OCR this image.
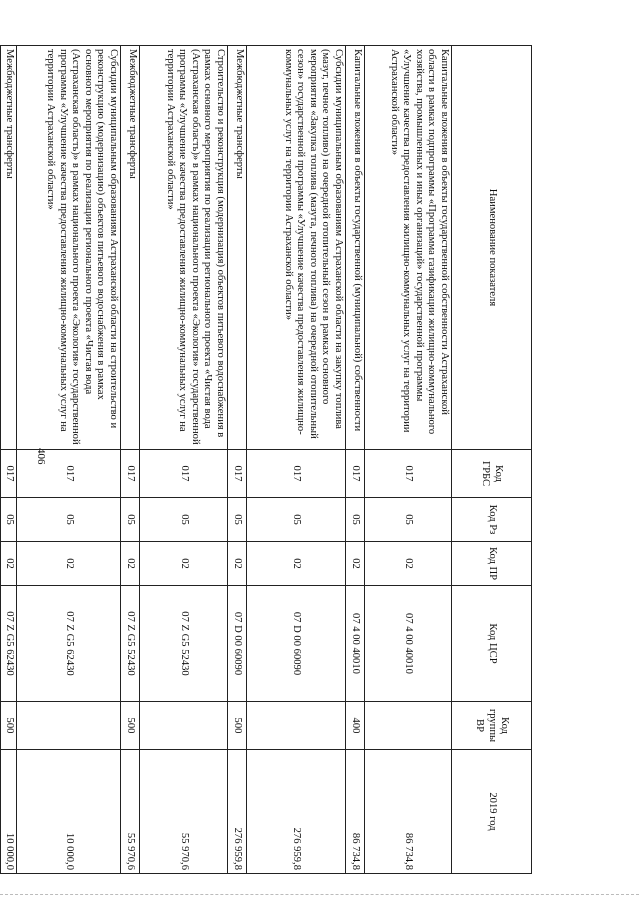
406
Наименование показателя	Код ГРБС	Код Рз	Код ПР	Код ЦСР	Код группы ВР	2019 год
Капитальные вложения в объекты государственной собственности Астраханской области в рамках подпрограммы «Программа газификации жилищно-коммунального хозяйства, промышленных и иных организаций» государственной программы «Улучшение качества предоставления жилищно-коммунальных услуг на территории Астраханской области»	017	05	02	07 4 00 40010		86 734,8
Капитальные вложения в объекты государственной (муниципальной) собственности	017	05	02	07 4 00 40010	400	86 734,8
Субсидии муниципальным образованиям Астраханской области на закупку топлива (мазут, печное топливо) на очередной отопительный сезон в рамках основного мероприятия «Закупка топлива (мазута, печного топлива) на очередной отопительный сезон» государственной программы «Улучшение качества предоставления жилищно-коммунальных услуг на территории Астраханской области»	017	05	02	07 D 00 60090		276 959,8
Межбюджетные трансферты	017	05	02	07 D 00 60090	500	276 959,8
Строительство и реконструкция (модернизация) объектов питьевого водоснабжения в рамках основного мероприятия по реализации регионального проекта «Чистая вода (Астраханская область)» в рамках национального проекта «Экология» государственной программы «Улучшение качества предоставления жилищно-коммунальных услуг на территории Астраханской области»	017	05	02	07 Z G5 52430		55 970,6
Межбюджетные трансферты	017	05	02	07 Z G5 52430	500	55 970,6
Субсидии муниципальным образованиям Астраханской области на строительство и реконструкцию (модернизацию) объектов питьевого водоснабжения в рамках основного мероприятия по реализации регионального проекта «Чистая вода (Астраханская область)» в рамках национального проекта «Экология» государственной программы «Улучшение качества предоставления жилищно-коммунальных услуг на территории Астраханской области»	017	05	02	07 Z G5 62430		10 000,0
Межбюджетные трансферты	017	05	02	07 Z G5 62430	500	10 000,0
